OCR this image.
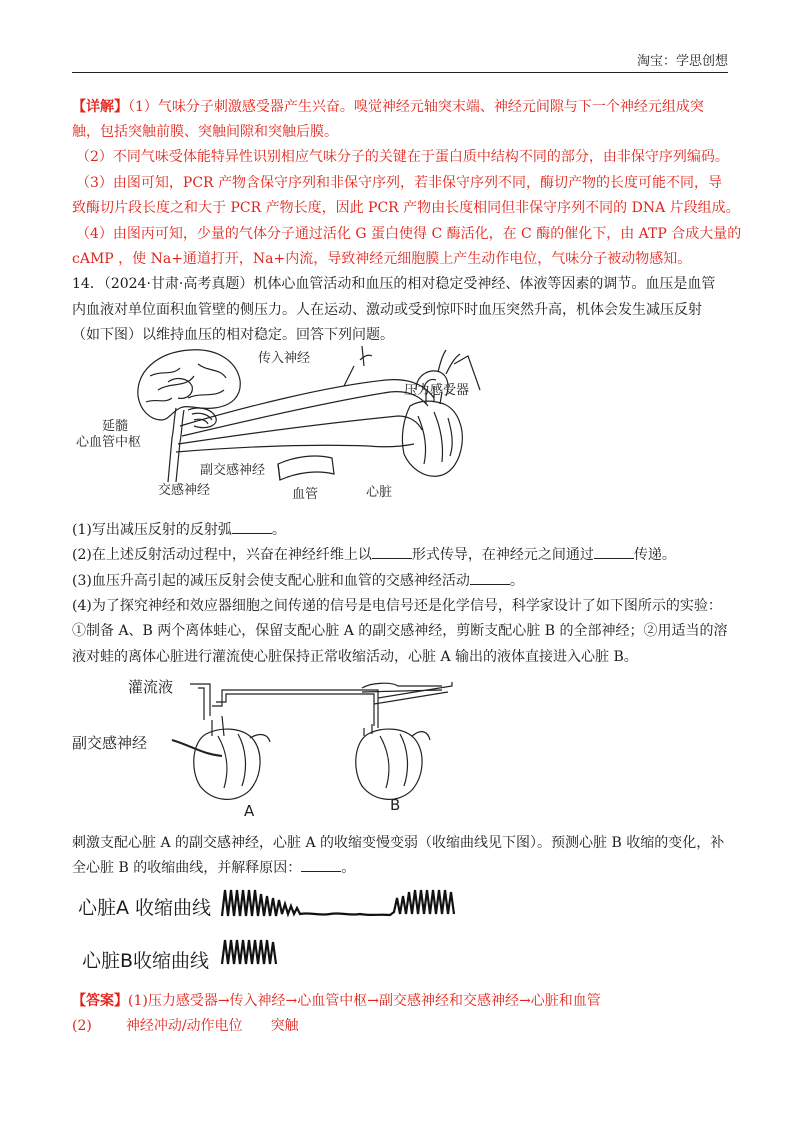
淘宝：学思创想
【详解】（1）气味分子刺激感受器产生兴奋。嗅觉神经元轴突末端、神经元间隙与下一个神经元组成突
触，包括突触前膜、突触间隙和突触后膜。
（2）不同气味受体能特异性识别相应气味分子的关键在于蛋白质中结构不同的部分，由非保守序列编码。
（3）由图可知，PCR 产物含保守序列和非保守序列，若非保守序列不同，酶切产物的长度可能不同，导
致酶切片段长度之和大于 PCR 产物长度，因此 PCR 产物由长度相同但非保守序列不同的 DNA 片段组成。
（4）由图丙可知，少量的气体分子通过活化 G 蛋白使得 C 酶活化，在 C 酶的催化下，由 ATP 合成大量的
cAMP ，使 Na+通道打开，Na+内流，导致神经元细胞膜上产生动作电位，气味分子被动物感知。
14．（2024·甘肃·高考真题）机体心血管活动和血压的相对稳定受神经、体液等因素的调节。血压是血管
内血液对单位面积血管壁的侧压力。人在运动、激动或受到惊吓时血压突然升高，机体会发生减压反射
（如下图）以维持血压的相对稳定。回答下列问题。
传入神经
压力感受器
延髓
心血管中枢
副交感神经
交感神经	血管	心脏
(1)写出减压反射的反射弧	。
(2)在上述反射活动过程中，兴奋在神经纤维上以	形式传导，在神经元之间通过	传递。
(3)血压升高引起的减压反射会使支配心脏和血管的交感神经活动	。
(4)为了探究神经和效应器细胞之间传递的信号是电信号还是化学信号，科学家设计了如下图所示的实验：
①制备 A、B 两个离体蛙心，保留支配心脏 A 的副交感神经，剪断支配心脏 B 的全部神经；②用适当的溶
液对蛙的离体心脏进行灌流使心脏保持正常收缩活动，心脏 A 输出的液体直接进入心脏 B。
灌流液
副交感神经
A	B
刺激支配心脏 A 的副交感神经，心脏 A 的收缩变慢变弱（收缩曲线见下图）。预测心脏 B 收缩的变化，补
全心脏 B 的收缩曲线，并解释原因：	。
心脏A 收缩曲线
心脏B收缩曲线
【答案】(1)压力感受器→传入神经→心血管中枢→副交感神经和交感神经→心脏和血管
(2) 神经冲动/动作电位 突触
